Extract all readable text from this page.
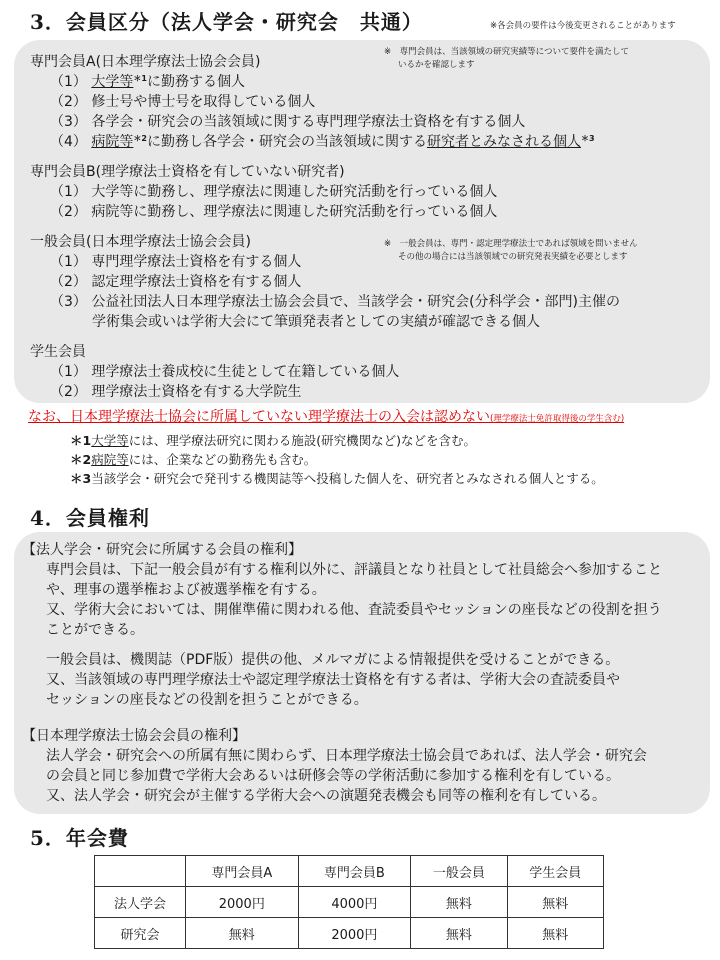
3．会員区分（法人学会・研究会　共通）	※各会員の要件は今後変更されることがあります
専門会員A(日本理学療法士協会会員)
※　専門会員は、当該領域の研究実績等について要件を満たして
いるかを確認します
（1） 大学等$^{*1}$に勤務する個人
（2） 修士号や博士号を取得している個人
（3） 各学会・研究会の当該領域に関する専門理学療法士資格を有する個人
（4） 病院等$^{*2}$に勤務し各学会・研究会の当該領域に関する研究者とみなされる個人$^{*3}$
専門会員B(理学療法士資格を有していない研究者)
（1） 大学等に勤務し、理学療法に関連した研究活動を行っている個人
（2） 病院等に勤務し、理学療法に関連した研究活動を行っている個人
一般会員(日本理学療法士協会会員)	※　一般会員は、専門・認定理学療法士であれば領域を問いません
その他の場合には当該領域での研究発表実績を必要とします
（1） 専門理学療法士資格を有する個人
（2） 認定理学療法士資格を有する個人
（3） 公益社団法人日本理学療法士協会会員で、当該学会・研究会(分科学会・部門)主催の
学術集会或いは学術大会にて筆頭発表者としての実績が確認できる個人
学生会員
（1） 理学療法士養成校に生徒として在籍している個人
（2） 理学療法士資格を有する大学院生
なお、日本理学療法士協会に所属していない理学療法士の入会は認めない(理学療法士免許取得後の学生含む)
＊1大学等には、理学療法研究に関わる施設(研究機関など)などを含む。
＊2病院等には、企業などの勤務先も含む。
＊3当該学会・研究会で発刊する機関誌等へ投稿した個人を、研究者とみなされる個人とする。
4．会員権利
【法人学会・研究会に所属する会員の権利】
専門会員は、下記一般会員が有する権利以外に、評議員となり社員として社員総会へ参加すること
や、理事の選挙権および被選挙権を有する。
又、学術大会においては、開催準備に関われる他、査読委員やセッションの座長などの役割を担う
ことができる。
一般会員は、機関誌（PDF版）提供の他、メルマガによる情報提供を受けることができる。
又、当該領域の専門理学療法士や認定理学療法士資格を有する者は、学術大会の査読委員や
セッションの座長などの役割を担うことができる。
【日本理学療法士協会会員の権利】
法人学会・研究会への所属有無に関わらず、日本理学療法士協会員であれば、法人学会・研究会
の会員と同じ参加費で学術大会あるいは研修会等の学術活動に参加する権利を有している。
又、法人学会・研究会が主催する学術大会への演題発表機会も同等の権利を有している。
5．年会費
	専門会員A	専門会員B	一般会員	学生会員
法人学会	2000円	4000円	無料	無料
研究会	無料	2000円	無料	無料
